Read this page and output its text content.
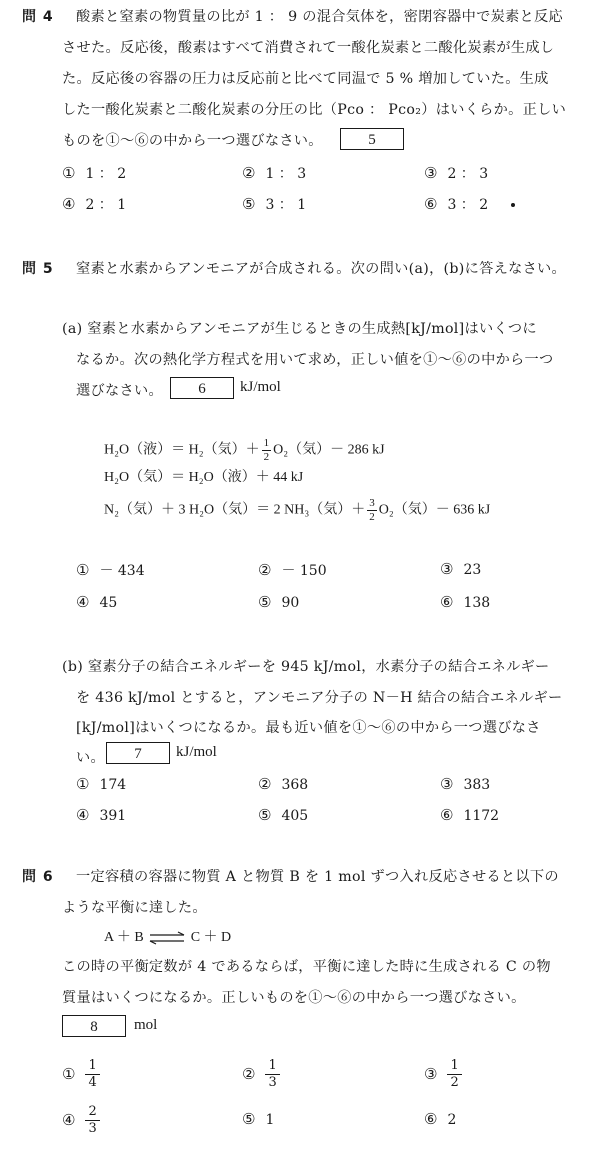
問 4 酸素と窒素の物質量の比が 1 ： 9 の混合気体を，密閉容器中で炭素と反応
させた。反応後，酸素はすべて消費されて一酸化炭素と二酸化炭素が生成し
た。反応後の容器の圧力は反応前と比べて同温で 5 % 増加していた。生成
した一酸化炭素と二酸化炭素の分圧の比（Pco ： Pco₂）はいくらか。正しい
ものを①～⑥の中から一つ選びなさい。	5
① 1 ： 2	② 1 ： 3	③ 2 ： 3
④ 2 ： 1	⑤ 3 ： 1	⑥ 3 ： 2
問 5 窒素と水素からアンモニアが合成される。次の問い(a)，(b)に答えなさい。
(a) 窒素と水素からアンモニアが生じるときの生成熱[kJ/mol]はいくつに
なるか。次の熱化学方程式を用いて求め，正しい値を①～⑥の中から一つ
選びなさい。	6	kJ/mol
H₂O（液）＝ H₂（気）＋ $\frac{1}{2} O_2$（気）－ 286 kJ
H₂O（気）＝ H₂O（液）＋ 44 kJ
N₂（気）＋ 3 H₂O（気）＝ 2 NH₃（気）＋ $\frac{3}{2} O_2$（気）－ 636 kJ
① － 434	② － 150	③ 23
④ 45	⑤ 90	⑥ 138
(b) 窒素分子の結合エネルギーを 945 kJ/mol，水素分子の結合エネルギー
を 436 kJ/mol とすると，アンモニア分子の N－H 結合の結合エネルギー
[kJ/mol]はいくつになるか。最も近い値を①～⑥の中から一つ選びなさ
い。	7	kJ/mol
① 174	② 368	③ 383
④ 391	⑤ 405	⑥ 1172
問 6 一定容積の容器に物質 A と物質 B を 1 mol ずつ入れ反応させると以下の
ような平衡に達した。
A ＋ B ⇌ C ＋ D
この時の平衡定数が 4 であるならば，平衡に達した時に生成される C の物
質量はいくつになるか。正しいものを①～⑥の中から一つ選びなさい。
8	mol
① $\frac{1}{4}$	② $\frac{1}{3}$	③ $\frac{1}{2}$
④ $\frac{2}{3}$	⑤ 1	⑥ 2
